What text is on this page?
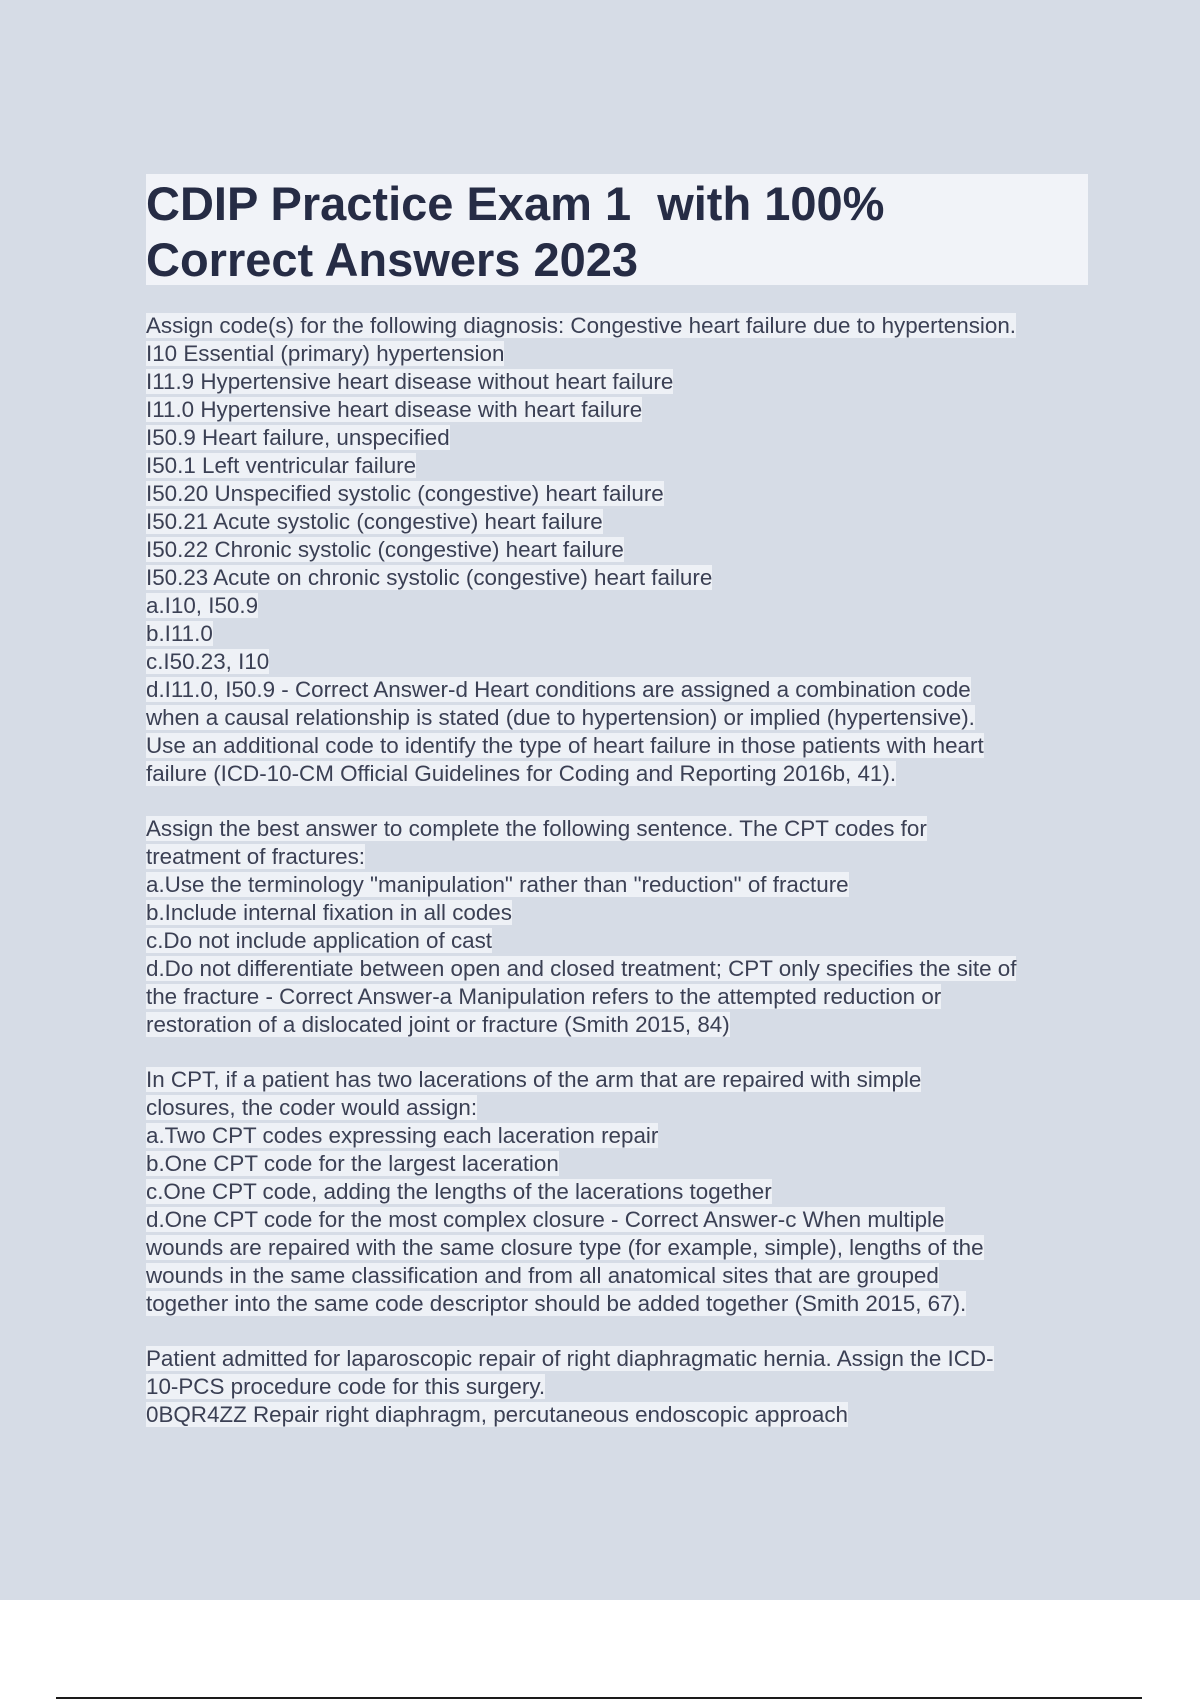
CDIP Practice Exam 1  with 100%
Correct Answers 2023
Assign code(s) for the following diagnosis: Congestive heart failure due to hypertension.
I10 Essential (primary) hypertension
I11.9 Hypertensive heart disease without heart failure
I11.0 Hypertensive heart disease with heart failure
I50.9 Heart failure, unspecified
I50.1 Left ventricular failure
I50.20 Unspecified systolic (congestive) heart failure
I50.21 Acute systolic (congestive) heart failure
I50.22 Chronic systolic (congestive) heart failure
I50.23 Acute on chronic systolic (congestive) heart failure
a.I10, I50.9
b.I11.0
c.I50.23, I10
d.I11.0, I50.9 - Correct Answer-d Heart conditions are assigned a combination code
when a causal relationship is stated (due to hypertension) or implied (hypertensive).
Use an additional code to identify the type of heart failure in those patients with heart
failure (ICD-10-CM Official Guidelines for Coding and Reporting 2016b, 41).
Assign the best answer to complete the following sentence. The CPT codes for
treatment of fractures:
a.Use the terminology "manipulation" rather than "reduction" of fracture
b.Include internal fixation in all codes
c.Do not include application of cast
d.Do not differentiate between open and closed treatment; CPT only specifies the site of
the fracture - Correct Answer-a Manipulation refers to the attempted reduction or
restoration of a dislocated joint or fracture (Smith 2015, 84)
In CPT, if a patient has two lacerations of the arm that are repaired with simple
closures, the coder would assign:
a.Two CPT codes expressing each laceration repair
b.One CPT code for the largest laceration
c.One CPT code, adding the lengths of the lacerations together
d.One CPT code for the most complex closure - Correct Answer-c When multiple
wounds are repaired with the same closure type (for example, simple), lengths of the
wounds in the same classification and from all anatomical sites that are grouped
together into the same code descriptor should be added together (Smith 2015, 67).
Patient admitted for laparoscopic repair of right diaphragmatic hernia. Assign the ICD-
10-PCS procedure code for this surgery.
0BQR4ZZ Repair right diaphragm, percutaneous endoscopic approach
